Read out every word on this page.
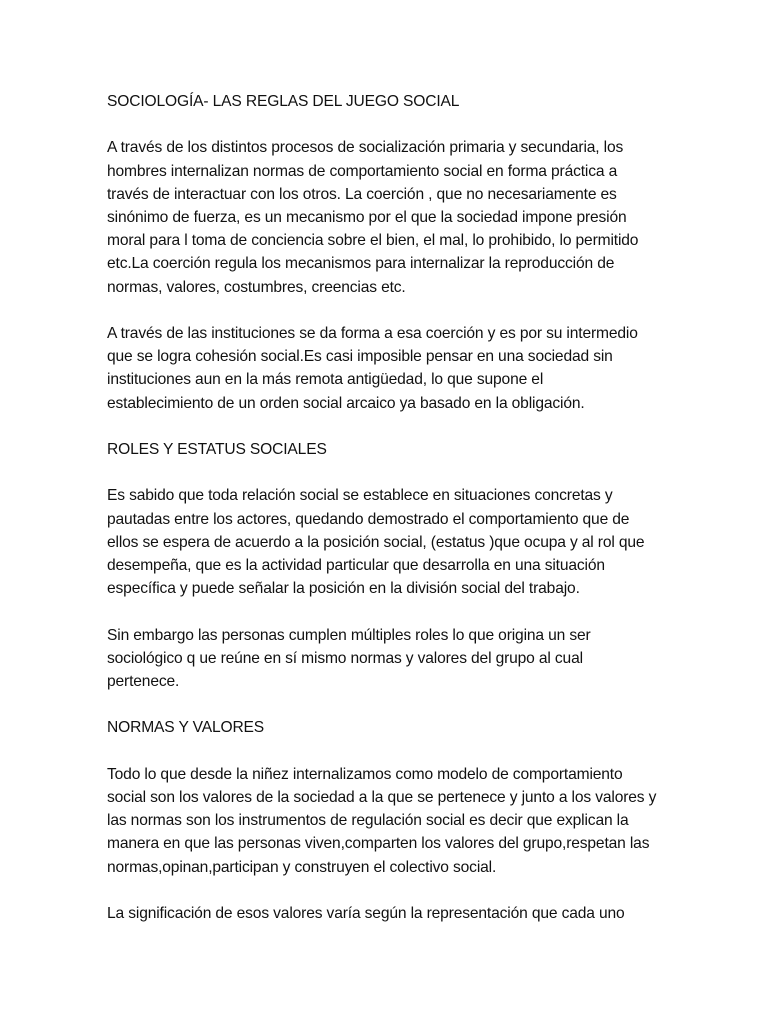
SOCIOLOGÍA- LAS REGLAS DEL JUEGO SOCIAL

A través de los distintos procesos de socialización primaria y secundaria, los
hombres internalizan normas de comportamiento social en forma práctica a
través de interactuar con los otros. La coerción , que no necesariamente es
sinónimo de fuerza, es un mecanismo por el que la sociedad impone presión
moral para l toma de conciencia sobre el bien, el mal, lo prohibido, lo permitido
etc.La coerción regula los mecanismos para internalizar la reproducción de
normas, valores, costumbres, creencias etc.

A través de las instituciones se da forma a esa coerción y es por su intermedio
que se logra cohesión social.Es casi imposible pensar en una sociedad sin
instituciones aun en la más remota antigüedad, lo que supone el
establecimiento de un orden social arcaico ya basado en la obligación.

ROLES Y ESTATUS SOCIALES

Es sabido que toda relación social se establece en situaciones concretas y
pautadas entre los actores, quedando demostrado el comportamiento que de
ellos se espera de acuerdo a la posición social, (estatus )que ocupa y al rol que
desempeña, que es la actividad particular que desarrolla en una situación
específica y puede señalar la posición en la división social del trabajo.

Sin embargo las personas cumplen múltiples roles lo que origina un ser
sociológico q ue reúne en sí mismo normas y valores del grupo al cual
pertenece.

NORMAS Y VALORES

Todo lo que desde la niñez internalizamos como modelo de comportamiento
social son los valores de la sociedad a la que se pertenece y junto a los valores y
las normas son los instrumentos de regulación social es decir que explican la
manera en que las personas viven,comparten los valores del grupo,respetan las
normas,opinan,participan y construyen el colectivo social.

La significación de esos valores varía según la representación que cada uno
